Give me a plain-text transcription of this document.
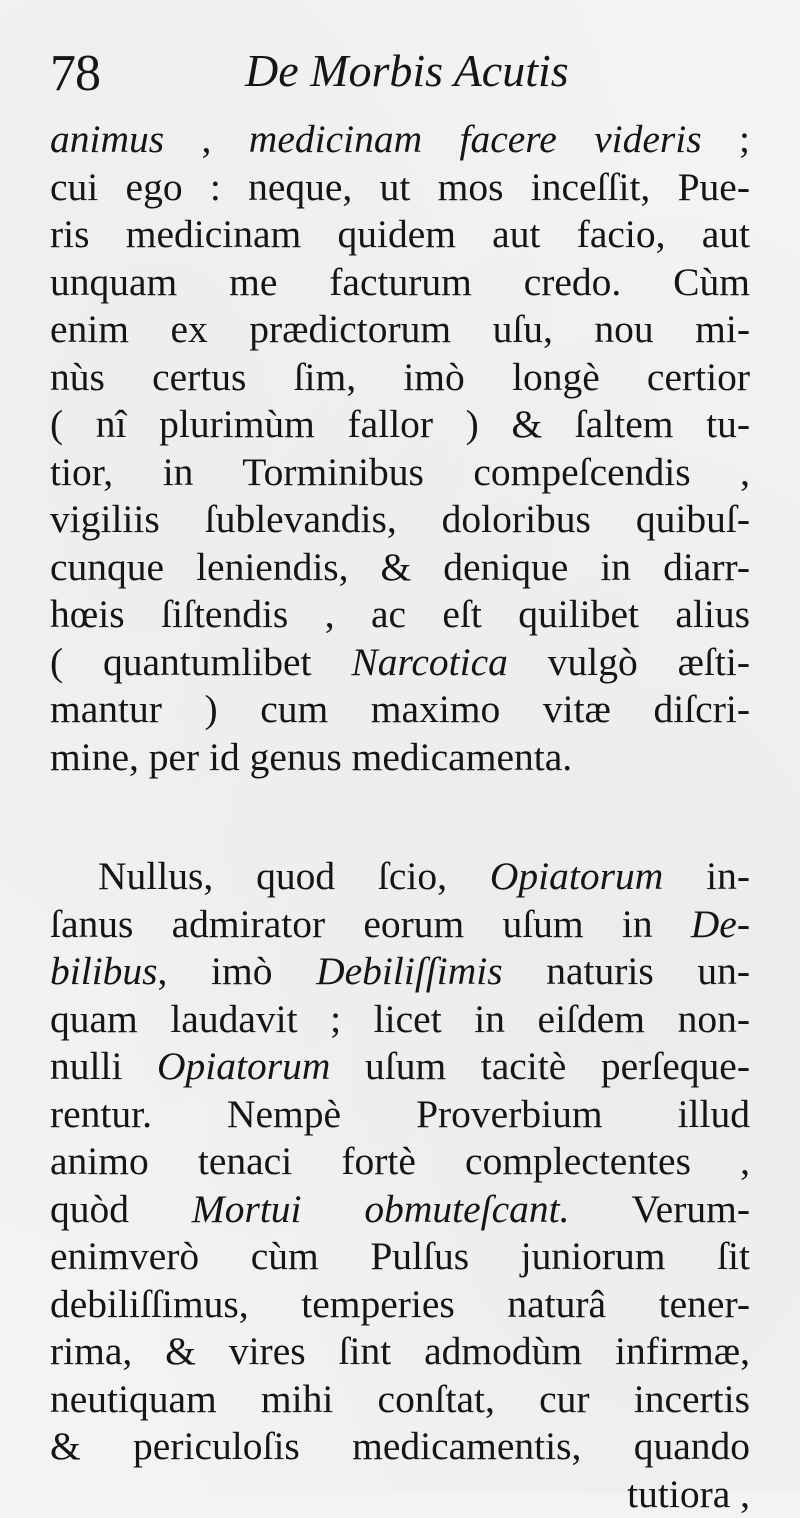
78	De Morbis Acutis
animus , medicinam facere videris ;
cui ego : neque, ut mos inceſſit, Pue-
ris medicinam quidem aut facio, aut
unquam me facturum credo. Cùm
enim ex prædictorum uſu, nou mi-
nùs certus ſim, imò longè certior
( nî plurimùm fallor ) & ſaltem tu-
tior, in Torminibus compeſcendis ,
vigiliis ſublevandis, doloribus quibuſ-
cunque leniendis, & denique in diarr-
hœis ſiſtendis , ac eſt quilibet alius
( quantumlibet Narcotica vulgò æſti-
mantur ) cum maximo vitæ diſcri-
mine, per id genus medicamenta.
Nullus, quod ſcio, Opiatorum in-
ſanus admirator eorum uſum in De-
bilibus, imò Debiliſſimis naturis un-
quam laudavit ; licet in eiſdem non-
nulli Opiatorum uſum tacitè perſeque-
rentur. Nempè Proverbium illud
animo tenaci fortè complectentes ,
quòd Mortui obmuteſcant. Verum-
enimverò cùm Pulſus juniorum ſit
debiliſſimus, temperies naturâ tener-
rima, & vires ſint admodùm infirmæ,
neutiquam mihi conſtat, cur incertis
& periculoſis medicamentis, quando
tutiora ,
